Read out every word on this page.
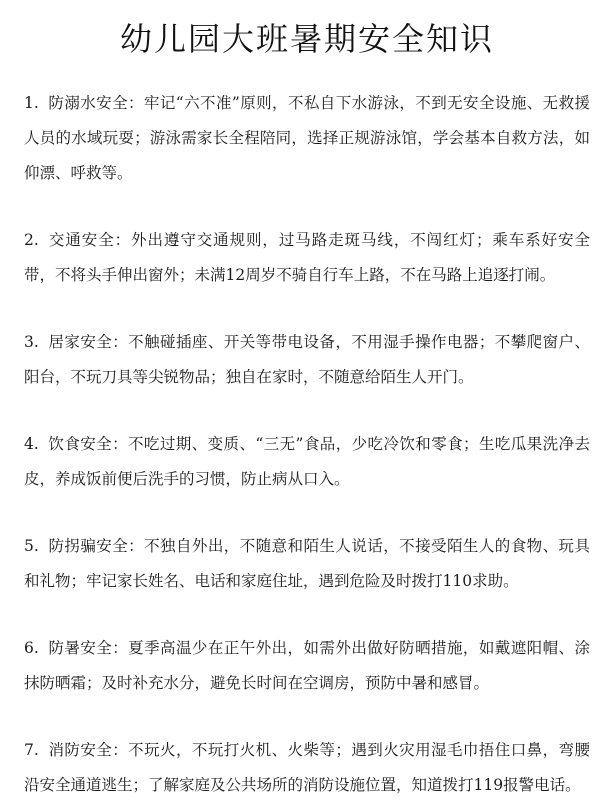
幼儿园大班暑期安全知识

1. 防溺水安全：牢记“六不准”原则，不私自下水游泳，不到无安全设施、无救援人员的水域玩耍；游泳需家长全程陪同，选择正规游泳馆，学会基本自救方法，如仰漂、呼救等。

2. 交通安全：外出遵守交通规则，过马路走斑马线，不闯红灯；乘车系好安全带，不将头手伸出窗外；未满12周岁不骑自行车上路，不在马路上追逐打闹。

3. 居家安全：不触碰插座、开关等带电设备，不用湿手操作电器；不攀爬窗户、阳台，不玩刀具等尖锐物品；独自在家时，不随意给陌生人开门。

4. 饮食安全：不吃过期、变质、“三无”食品，少吃冷饮和零食；生吃瓜果洗净去皮，养成饭前便后洗手的习惯，防止病从口入。

5. 防拐骗安全：不独自外出，不随意和陌生人说话，不接受陌生人的食物、玩具和礼物；牢记家长姓名、电话和家庭住址，遇到危险及时拨打110求助。

6. 防暑安全：夏季高温少在正午外出，如需外出做好防晒措施，如戴遮阳帽、涂抹防晒霜；及时补充水分，避免长时间在空调房，预防中暑和感冒。

7. 消防安全：不玩火，不玩打火机、火柴等；遇到火灾用湿毛巾捂住口鼻，弯腰沿安全通道逃生；了解家庭及公共场所的消防设施位置，知道拨打119报警电话。
